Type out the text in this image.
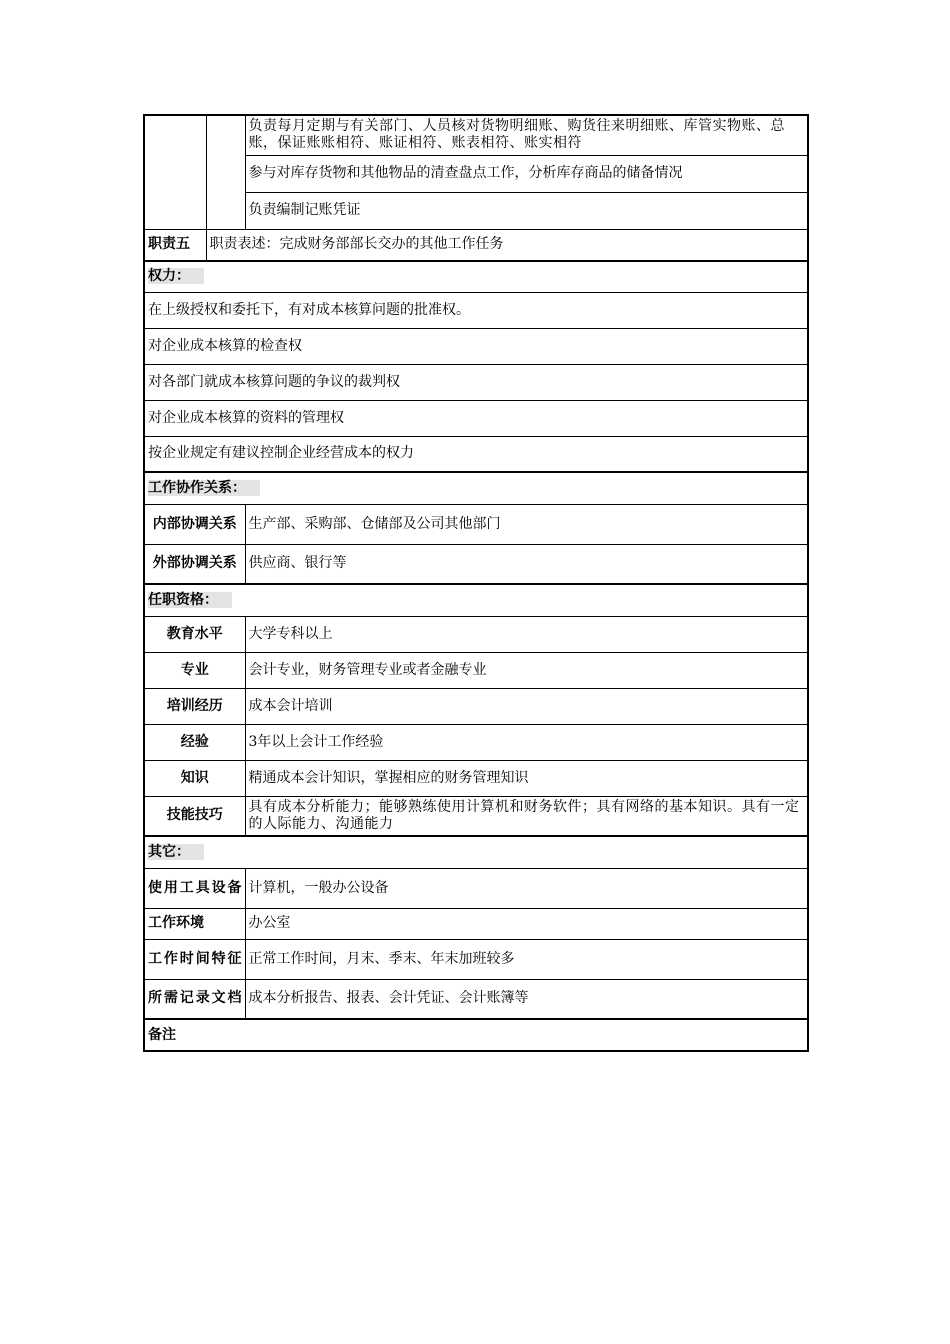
		负责每月定期与有关部门、人员核对货物明细账、购货往来明细账、库管实物账、总账，保证账账相符、账证相符、账表相符、账实相符
		参与对库存货物和其他物品的清查盘点工作，分析库存商品的储备情况
		负责编制记账凭证
职责五	职责表述：完成财务部部长交办的其他工作任务	
权力：		
在上级授权和委托下，有对成本核算问题的批准权。		
对企业成本核算的检查权		
对各部门就成本核算问题的争议的裁判权		
对企业成本核算的资料的管理权		
按企业规定有建议控制企业经营成本的权力		
工作协作关系：		
内部协调关系		生产部、采购部、仓储部及公司其他部门
外部协调关系		供应商、银行等
任职资格：		
教育水平		大学专科以上
专业		会计专业，财务管理专业或者金融专业
培训经历		成本会计培训
经验		3年以上会计工作经验
知识		精通成本会计知识，掌握相应的财务管理知识
技能技巧		具有成本分析能力；能够熟练使用计算机和财务软件；具有网络的基本知识。具有一定的人际能力、沟通能力
其它：		
使用工具设备		计算机，一般办公设备
工作环境		办公室
工作时间特征		正常工作时间，月末、季末、年末加班较多
所需记录文档		成本分析报告、报表、会计凭证、会计账簿等
备注		
